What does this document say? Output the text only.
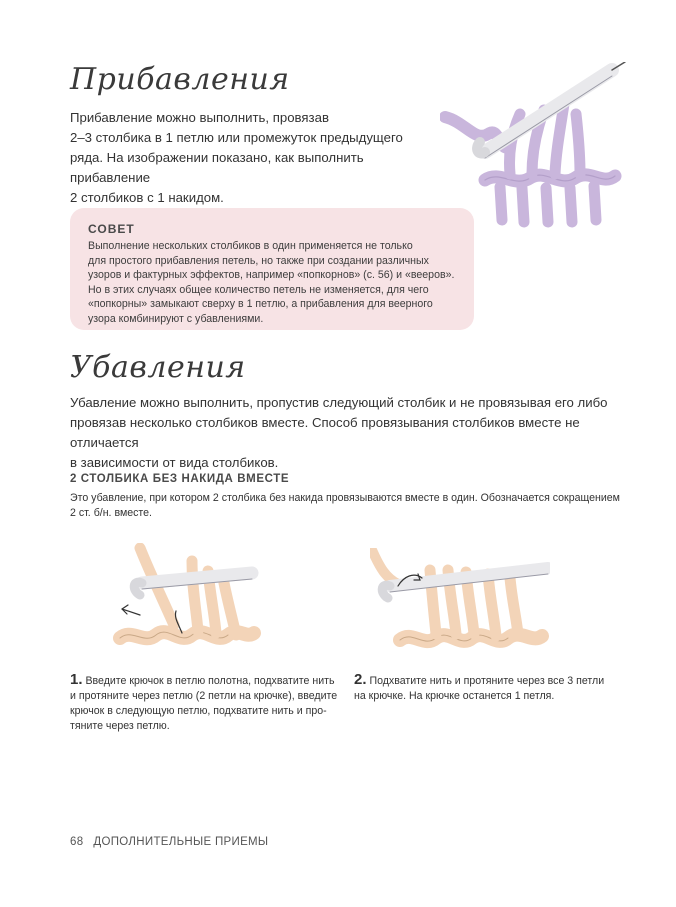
Прибавления
Прибавление можно выполнить, провязав
2–3 столбика в 1 петлю или промежуток предыдущего
ряда. На изображении показано, как выполнить прибавление
2 столбиков с 1 накидом.
СОВЕТ
Выполнение нескольких столбиков в один применяется не только
для простого прибавления петель, но также при создании различных
узоров и фактурных эффектов, например «попкорнов» (с. 56) и «вееров».
Но в этих случаях общее количество петель не изменяется, для чего
«попкорны» замыкают сверху в 1 петлю, а прибавления для веерного
узора комбинируют с убавлениями.
Убавления
Убавление можно выполнить, пропустив следующий столбик и не провязывая его либо
провязав несколько столбиков вместе. Способ провязывания столбиков вместе не отличается
в зависимости от вида столбиков.
2 СТОЛБИКА БЕЗ НАКИДА ВМЕСТЕ
Это убавление, при котором 2 столбика без накида провязываются вместе в один. Обозначается сокращением
2 ст. б/н. вместе.
1. Введите крючок в петлю полотна, подхватите нить
и протяните через петлю (2 петли на крючке), введите
крючок в следующую петлю, подхватите нить и про-
тяните через петлю.
2. Подхватите нить и протяните через все 3 петли
на крючке. На крючке останется 1 петля.
68 ДОПОЛНИТЕЛЬНЫЕ ПРИЕМЫ
